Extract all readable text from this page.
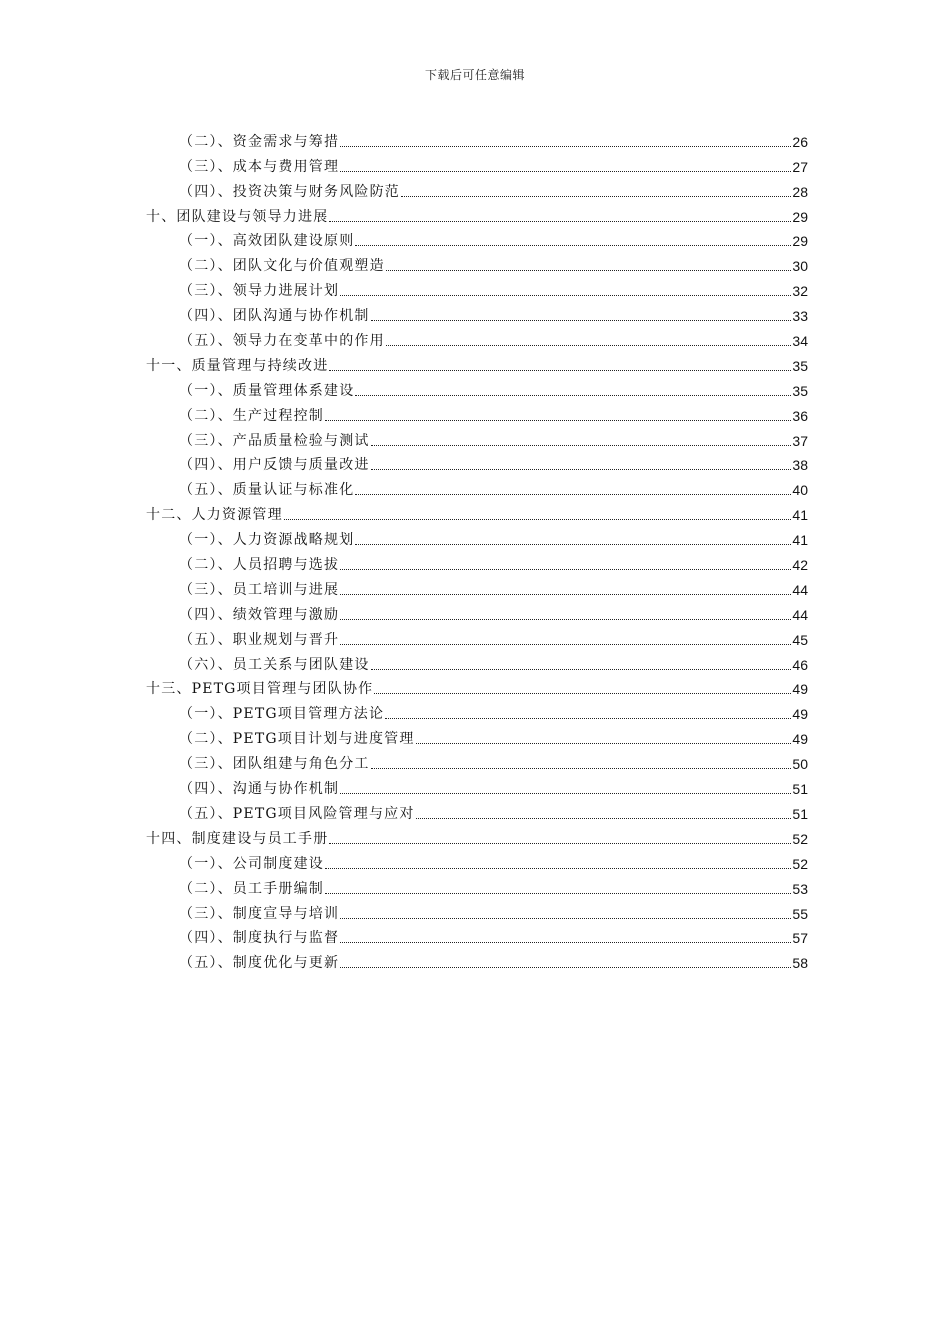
下载后可任意编辑
（二）、资金需求与筹措	26
（三）、成本与费用管理	27
（四）、投资决策与财务风险防范	28
十、团队建设与领导力进展	29
（一）、高效团队建设原则	29
（二）、团队文化与价值观塑造	30
（三）、领导力进展计划	32
（四）、团队沟通与协作机制	33
（五）、领导力在变革中的作用	34
十一、质量管理与持续改进	35
（一）、质量管理体系建设	35
（二）、生产过程控制	36
（三）、产品质量检验与测试	37
（四）、用户反馈与质量改进	38
（五）、质量认证与标准化	40
十二、人力资源管理	41
（一）、人力资源战略规划	41
（二）、人员招聘与选拔	42
（三）、员工培训与进展	44
（四）、绩效管理与激励	44
（五）、职业规划与晋升	45
（六）、员工关系与团队建设	46
十三、PETG项目管理与团队协作	49
（一）、PETG项目管理方法论	49
（二）、PETG项目计划与进度管理	49
（三）、团队组建与角色分工	50
（四）、沟通与协作机制	51
（五）、PETG项目风险管理与应对	51
十四、制度建设与员工手册	52
（一）、公司制度建设	52
（二）、员工手册编制	53
（三）、制度宣导与培训	55
（四）、制度执行与监督	57
（五）、制度优化与更新	58
